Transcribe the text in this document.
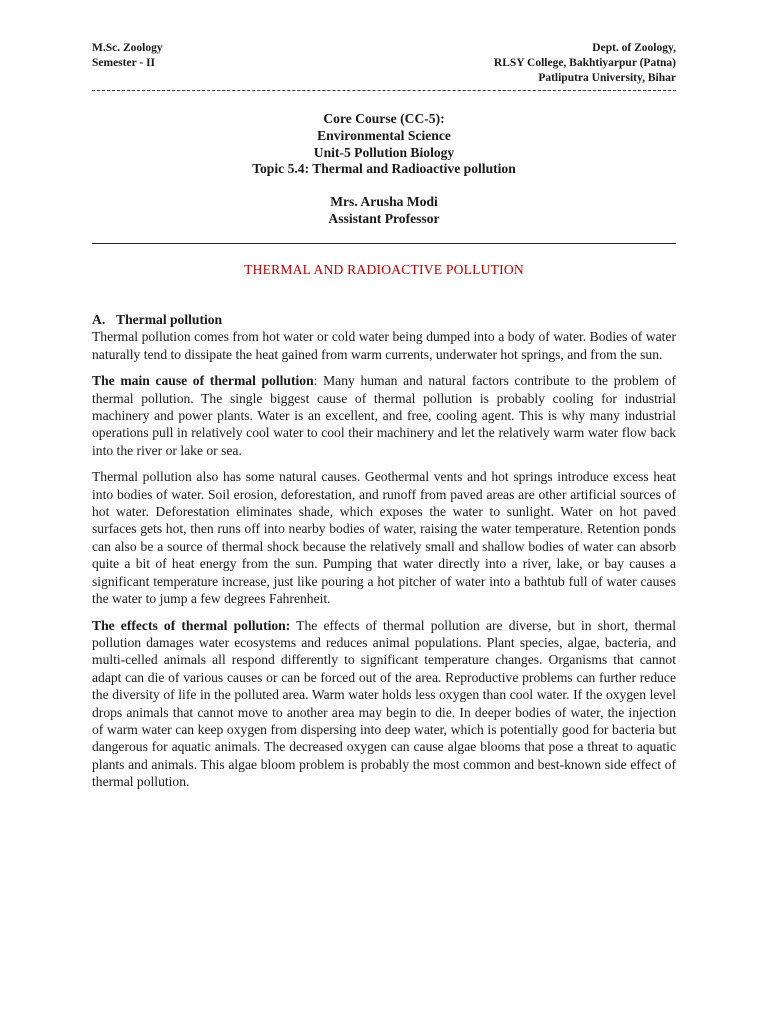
M.Sc. Zoology
Semester - II
Dept. of Zoology,
RLSY College, Bakhtiyarpur (Patna)
Patliputra University, Bihar
Core Course (CC-5):
Environmental Science
Unit-5 Pollution Biology
Topic 5.4: Thermal and Radioactive pollution
Mrs. Arusha Modi
Assistant Professor
THERMAL AND RADIOACTIVE POLLUTION
A. Thermal pollution

Thermal pollution comes from hot water or cold water being dumped into a body of water. Bodies of water naturally tend to dissipate the heat gained from warm currents, underwater hot springs, and from the sun.

The main cause of thermal pollution: Many human and natural factors contribute to the problem of thermal pollution. The single biggest cause of thermal pollution is probably cooling for industrial machinery and power plants. Water is an excellent, and free, cooling agent. This is why many industrial operations pull in relatively cool water to cool their machinery and let the relatively warm water flow back into the river or lake or sea.

Thermal pollution also has some natural causes. Geothermal vents and hot springs introduce excess heat into bodies of water. Soil erosion, deforestation, and runoff from paved areas are other artificial sources of hot water. Deforestation eliminates shade, which exposes the water to sunlight. Water on hot paved surfaces gets hot, then runs off into nearby bodies of water, raising the water temperature. Retention ponds can also be a source of thermal shock because the relatively small and shallow bodies of water can absorb quite a bit of heat energy from the sun. Pumping that water directly into a river, lake, or bay causes a significant temperature increase, just like pouring a hot pitcher of water into a bathtub full of water causes the water to jump a few degrees Fahrenheit.

The effects of thermal pollution: The effects of thermal pollution are diverse, but in short, thermal pollution damages water ecosystems and reduces animal populations. Plant species, algae, bacteria, and multi-celled animals all respond differently to significant temperature changes. Organisms that cannot adapt can die of various causes or can be forced out of the area. Reproductive problems can further reduce the diversity of life in the polluted area. Warm water holds less oxygen than cool water. If the oxygen level drops animals that cannot move to another area may begin to die. In deeper bodies of water, the injection of warm water can keep oxygen from dispersing into deep water, which is potentially good for bacteria but dangerous for aquatic animals. The decreased oxygen can cause algae blooms that pose a threat to aquatic plants and animals. This algae bloom problem is probably the most common and best-known side effect of thermal pollution.
